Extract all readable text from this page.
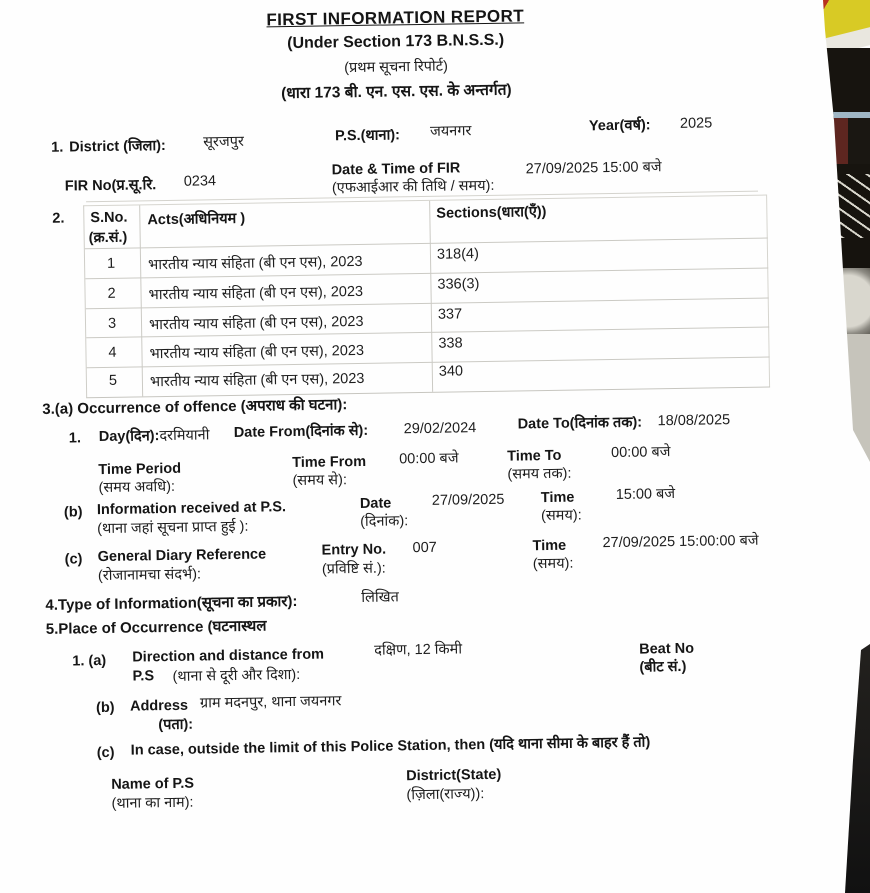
FIRST INFORMATION REPORT
(Under Section 173 B.N.S.S.)
(प्रथम सूचना रिपोर्ट)
(धारा 173 बी. एन. एस. एस. के अन्तर्गत)
1. District (जिला):	सूरजपुर	P.S.(थाना): जयनगर	Year(वर्ष): 2025
FIR No(प्र.सू.रि. 0234
Date & Time of FIR
(एफआईआर की तिथि / समय):
27/09/2025 15:00 बजे
2. S.No.
(क्र.सं.)
Acts(अधिनियम )	Sections(धारा(एँ))
1 भारतीय न्याय संहिता (बी एन एस), 2023	318(4)
2 भारतीय न्याय संहिता (बी एन एस), 2023	336(3)
3 भारतीय न्याय संहिता (बी एन एस), 2023	337
4 भारतीय न्याय संहिता (बी एन एस), 2023	338
5 भारतीय न्याय संहिता (बी एन एस), 2023	340
3.(a) Occurrence of offence (अपराध की घटना):
1. Day(दिन):दरमियानी Date From(दिनांक से): 29/02/2024	Date To(दिनांक तक): 18/08/2025
Time Period
(समय अवधि):
Time From
(समय से):
00:00 बजे	Time To
(समय तक):
00:00 बजे
(b) Information received at P.S.
(थाना जहां सूचना प्राप्त हुई ):
Date
(दिनांक):
27/09/2025 Time
(समय):
15:00 बजे
(c) General Diary Reference
(रोजानामचा संदर्भ):
Entry No.
(प्रविष्टि सं.):
007	Time
(समय):
27/09/2025 15:00:00 बजे
4.Type of Information(सूचना का प्रकार):	लिखित
5.Place of Occurrence (घटनास्थल
1. (a) Direction and distance from
P.S (थाना से दूरी और दिशा):
दक्षिण, 12 किमी	Beat No
(बीट सं.)
(b) Address ग्राम मदनपुर, थाना जयनगर
(पता):
(c) In case, outside the limit of this Police Station, then (यदि थाना सीमा के बाहर हैं तो)
Name of P.S
(थाना का नाम):
District(State)
(ज़िला(राज्य)):
